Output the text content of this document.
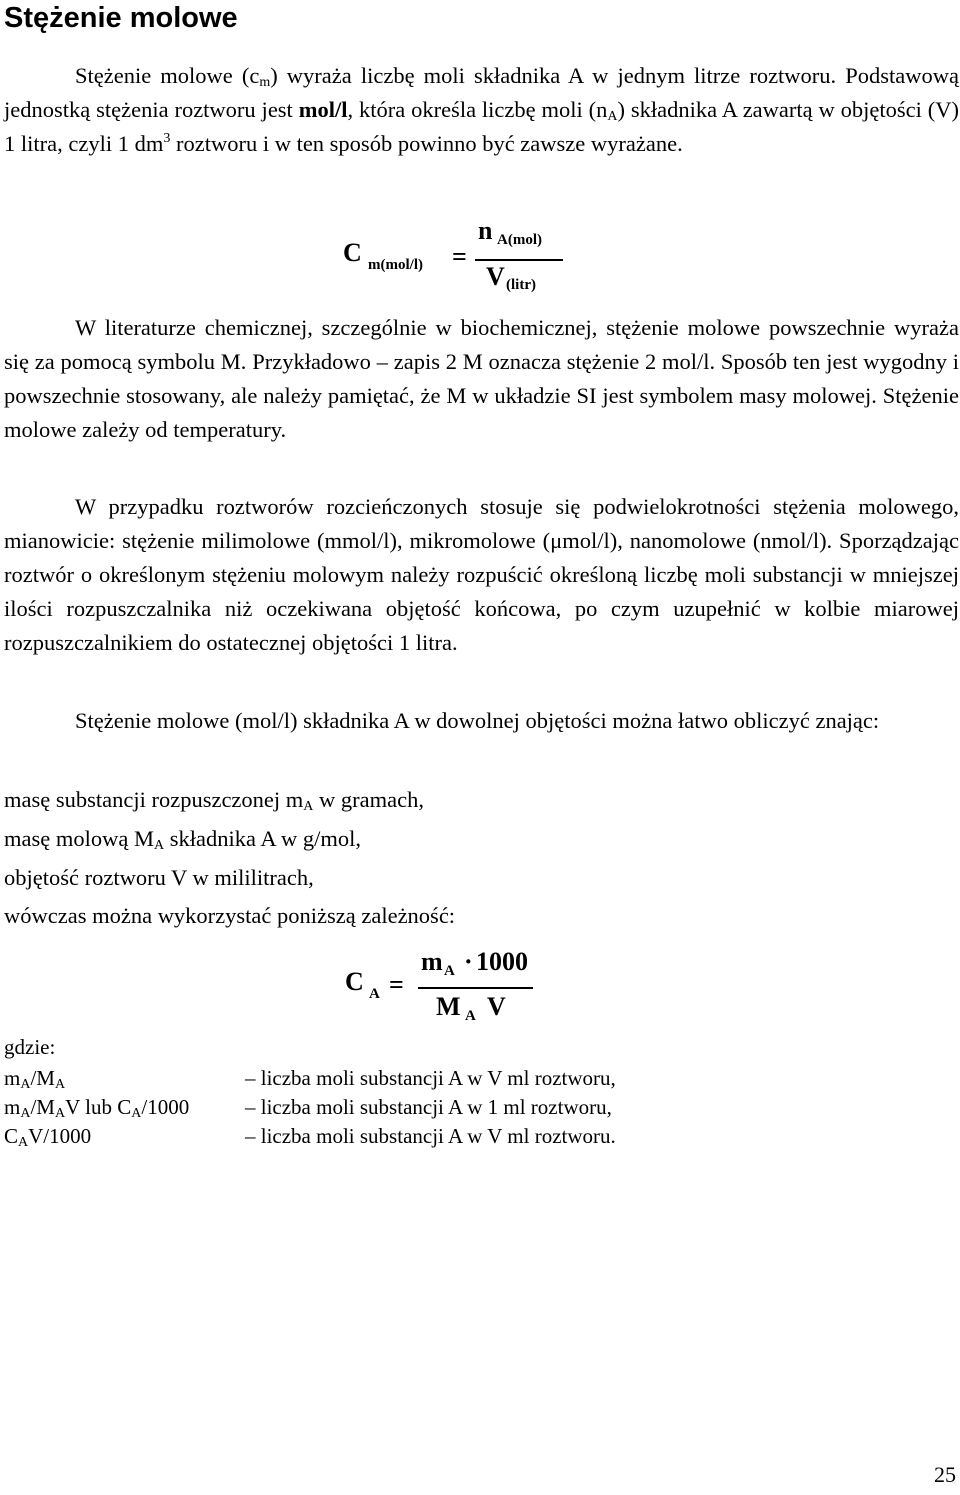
Stężenie molowe

Stężenie molowe $(c_m)$ wyraża liczbę moli składnika A w jednym litrze roztworu. Podstawową jednostką stężenia roztworu jest mol/l, która określa liczbę moli $(n_A)$ składnika A zawartą w objętości (V) 1 litra, czyli 1 $dm^3$ roztworu i w ten sposób powinno być zawsze wyrażane.

C m(mol/l) =
n A(mol)
V (litr)

W literaturze chemicznej, szczególnie w biochemicznej, stężenie molowe powszechnie wyraża się za pomocą symbolu M. Przykładowo – zapis 2 M oznacza stężenie 2 mol/l. Sposób ten jest wygodny i powszechnie stosowany, ale należy pamiętać, że M w układzie SI jest symbolem masy molowej. Stężenie molowe zależy od temperatury.

W przypadku roztworów rozcieńczonych stosuje się podwielokrotności stężenia molowego, mianowicie: stężenie milimolowe (mmol/l), mikromolowe (μmol/l), nanomolowe (nmol/l). Sporządzając roztwór o określonym stężeniu molowym należy rozpuścić określoną liczbę moli substancji w mniejszej ilości rozpuszczalnika niż oczekiwana objętość końcowa, po czym uzupełnić w kolbie miarowej rozpuszczalnikiem do ostatecznej objętości 1 litra.

Stężenie molowe (mol/l) składnika A w dowolnej objętości można łatwo obliczyć znając:

masę substancji rozpuszczonej $m_A$ w gramach,

masę molową $M_A$ składnika A w g/mol,

objętość roztworu V w mililitrach,

wówczas można wykorzystać poniższą zależność:

C A =
m A · 1000
M A V

gdzie:

$m_A/M_A$	– liczba moli substancji A w V ml roztworu,
$m_A/M_AV$ lub $C_A/1000$	– liczba moli substancji A w 1 ml roztworu,
$C_AV/1000$	– liczba moli substancji A w V ml roztworu.
25
